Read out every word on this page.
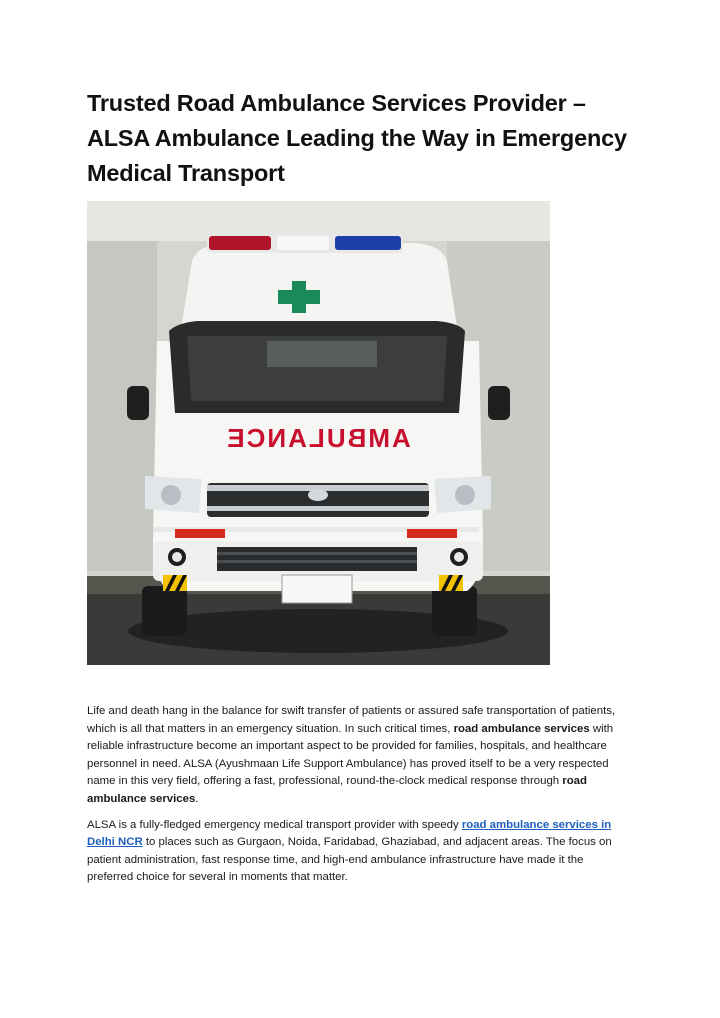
Trusted Road Ambulance Services Provider – ALSA Ambulance Leading the Way in Emergency Medical Transport
AMBULANCE

Life and death hang in the balance for swift transfer of patients or assured safe transportation of patients, which is all that matters in an emergency situation. In such critical times, road ambulance services with reliable infrastructure become an important aspect to be provided for families, hospitals, and healthcare personnel in need. ALSA (Ayushmaan Life Support Ambulance) has proved itself to be a very respected name in this very field, offering a fast, professional, round-the-clock medical response through road ambulance services.

ALSA is a fully-fledged emergency medical transport provider with speedy road ambulance services in Delhi NCR to places such as Gurgaon, Noida, Faridabad, Ghaziabad, and adjacent areas. The focus on patient administration, fast response time, and high-end ambulance infrastructure have made it the preferred choice for several in moments that matter.
